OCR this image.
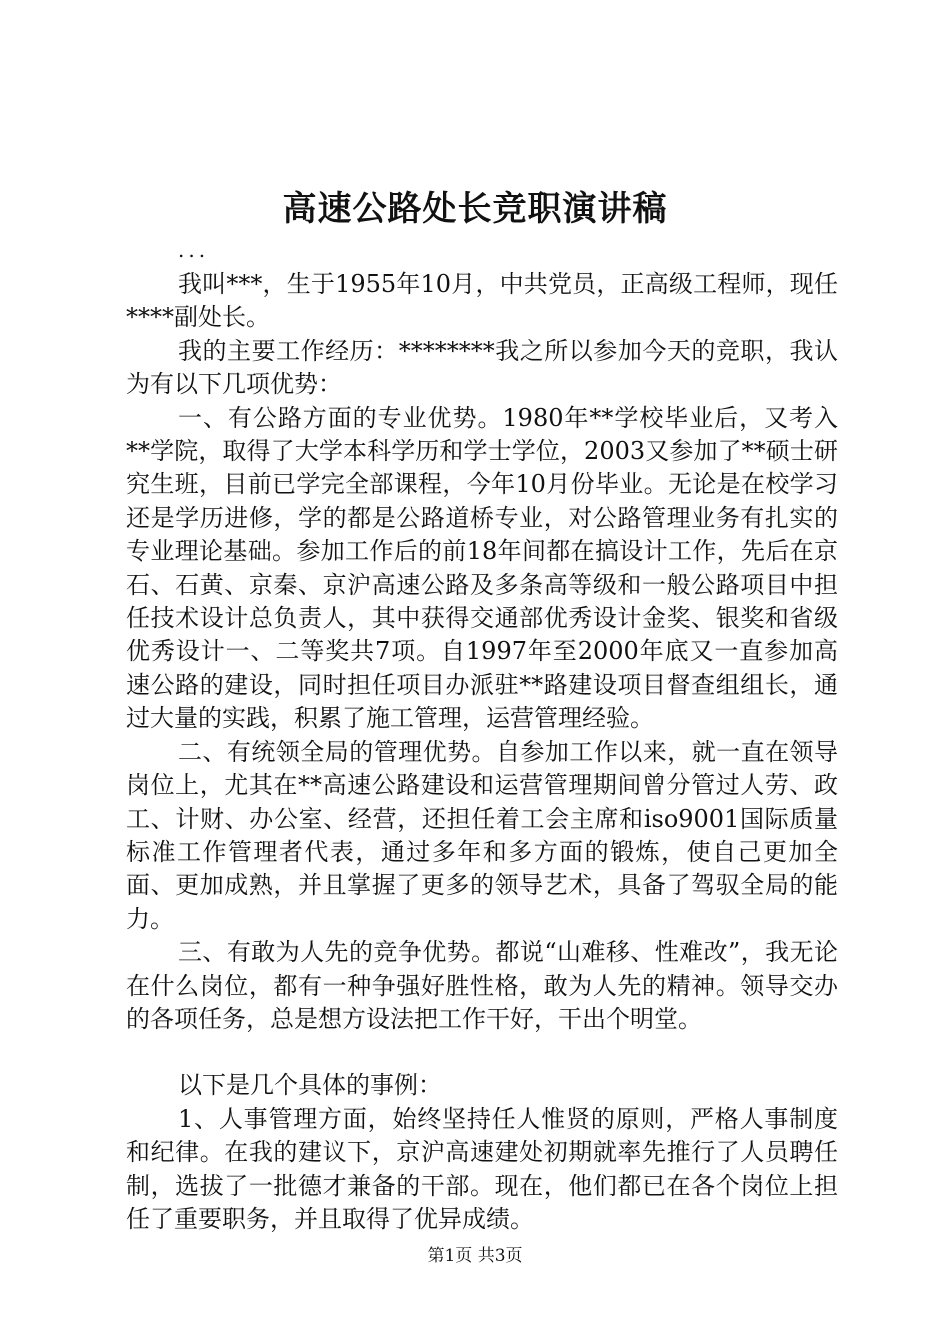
高速公路处长竞职演讲稿
...

我叫***，生于1955年10月，中共党员，正高级工程师，现任****副处长。

我的主要工作经历：********我之所以参加今天的竞职，我认为有以下几项优势：

一、有公路方面的专业优势。1980年**学校毕业后，又考入**学院，取得了大学本科学历和学士学位，2003又参加了**硕士研究生班，目前已学完全部课程，今年10月份毕业。无论是在校学习还是学历进修，学的都是公路道桥专业，对公路管理业务有扎实的专业理论基础。参加工作后的前18年间都在搞设计工作，先后在京石、石黄、京秦、京沪高速公路及多条高等级和一般公路项目中担任技术设计总负责人，其中获得交通部优秀设计金奖、银奖和省级优秀设计一、二等奖共7项。自1997年至2000年底又一直参加高速公路的建设，同时担任项目办派驻**路建设项目督查组组长，通过大量的实践，积累了施工管理，运营管理经验。

二、有统领全局的管理优势。自参加工作以来，就一直在领导岗位上，尤其在**高速公路建设和运营管理期间曾分管过人劳、政工、计财、办公室、经营，还担任着工会主席和iso9001国际质量标准工作管理者代表，通过多年和多方面的锻炼，使自己更加全面、更加成熟，并且掌握了更多的领导艺术，具备了驾驭全局的能力。

三、有敢为人先的竞争优势。都说“山难移、性难改”，我无论在什么岗位，都有一种争强好胜性格，敢为人先的精神。领导交办的各项任务，总是想方设法把工作干好，干出个明堂。

以下是几个具体的事例：

1、人事管理方面，始终坚持任人惟贤的原则，严格人事制度和纪律。在我的建议下，京沪高速建处初期就率先推行了人员聘任制，选拔了一批德才兼备的干部。现在，他们都已在各个岗位上担任了重要职务，并且取得了优异成绩。

第1页 共3页
